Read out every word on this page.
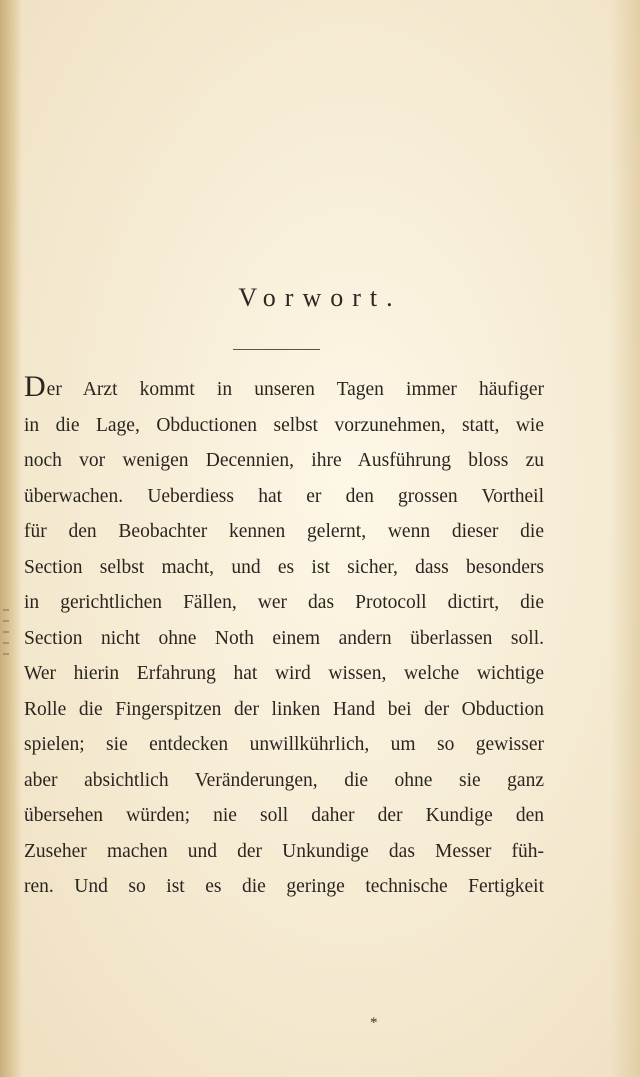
Vorwort.
Der Arzt kommt in unseren Tagen immer häufiger
in die Lage, Obductionen selbst vorzunehmen, statt, wie
noch vor wenigen Decennien, ihre Ausführung bloss zu
überwachen. Ueberdiess hat er den grossen Vortheil
für den Beobachter kennen gelernt, wenn dieser die
Section selbst macht, und es ist sicher, dass besonders
in gerichtlichen Fällen, wer das Protocoll dictirt, die
Section nicht ohne Noth einem andern überlassen soll.
Wer hierin Erfahrung hat wird wissen, welche wichtige
Rolle die Fingerspitzen der linken Hand bei der Obduction
spielen; sie entdecken unwillkührlich, um so gewisser
aber absichtlich Veränderungen, die ohne sie ganz
übersehen würden; nie soll daher der Kundige den
Zuseher machen und der Unkundige das Messer füh-
ren. Und so ist es die geringe technische Fertigkeit
*
